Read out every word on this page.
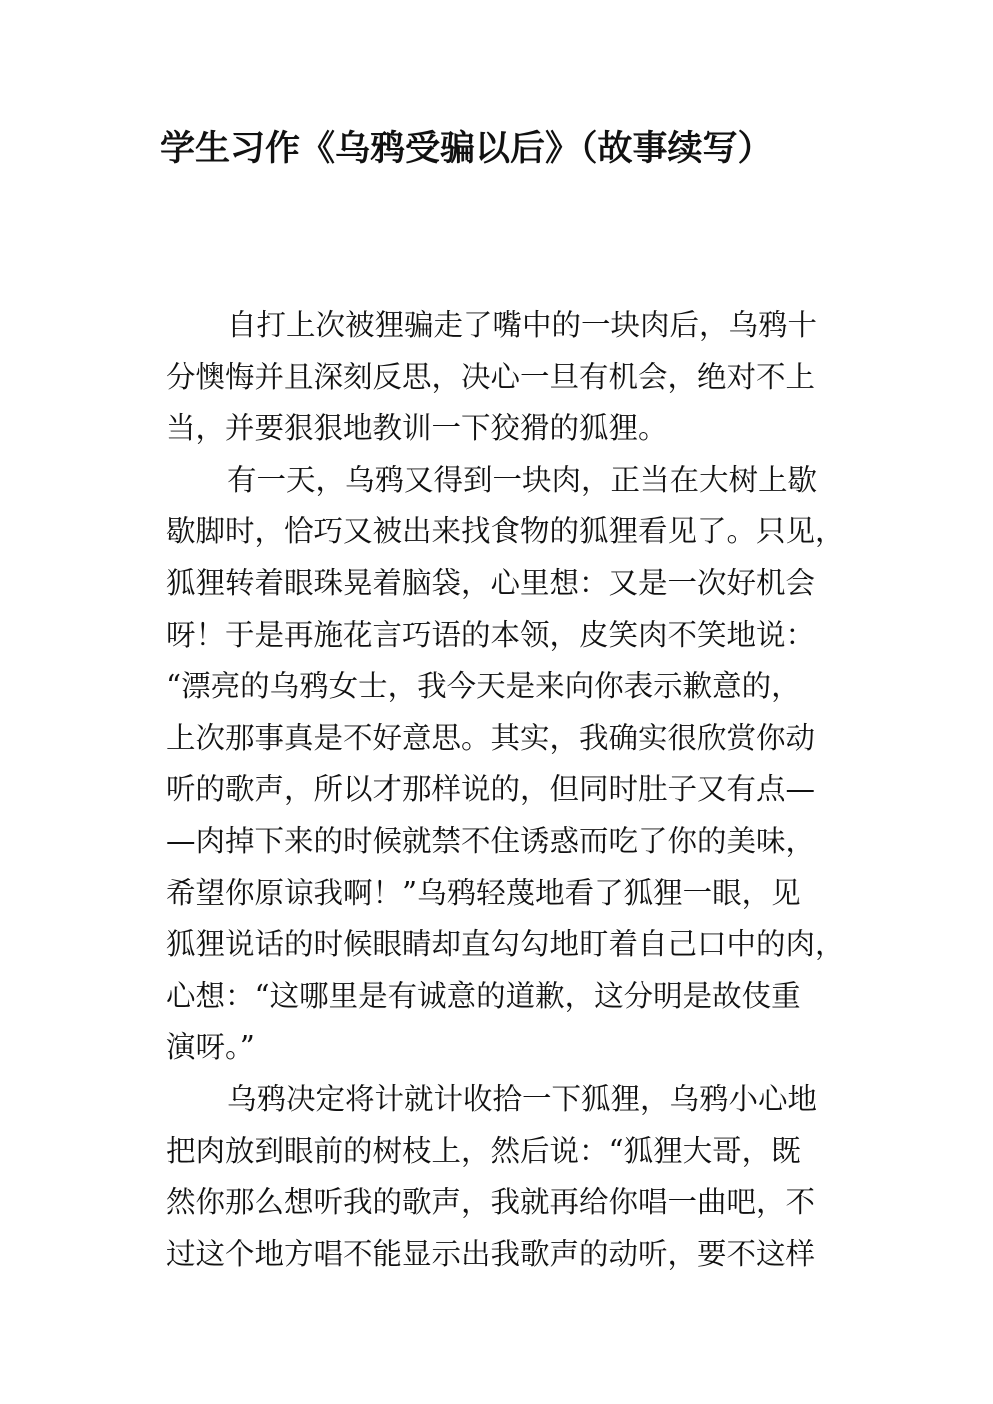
学生习作《乌鸦受骗以后》（故事续写）
自打上次被狸骗走了嘴中的一块肉后，乌鸦十
分懊悔并且深刻反思，决心一旦有机会，绝对不上
当，并要狠狠地教训一下狡猾的狐狸。
有一天，乌鸦又得到一块肉，正当在大树上歇
歇脚时，恰巧又被出来找食物的狐狸看见了。只见，
狐狸转着眼珠晃着脑袋，心里想：又是一次好机会
呀！于是再施花言巧语的本领，皮笑肉不笑地说：
“漂亮的乌鸦女士，我今天是来向你表示歉意的，
上次那事真是不好意思。其实，我确实很欣赏你动
听的歌声，所以才那样说的，但同时肚子又有点—
—肉掉下来的时候就禁不住诱惑而吃了你的美味，
希望你原谅我啊！”乌鸦轻蔑地看了狐狸一眼，见
狐狸说话的时候眼睛却直勾勾地盯着自己口中的肉，
心想：“这哪里是有诚意的道歉，这分明是故伎重
演呀。”
乌鸦决定将计就计收拾一下狐狸，乌鸦小心地
把肉放到眼前的树枝上，然后说：“狐狸大哥，既
然你那么想听我的歌声，我就再给你唱一曲吧，不
过这个地方唱不能显示出我歌声的动听，要不这样
